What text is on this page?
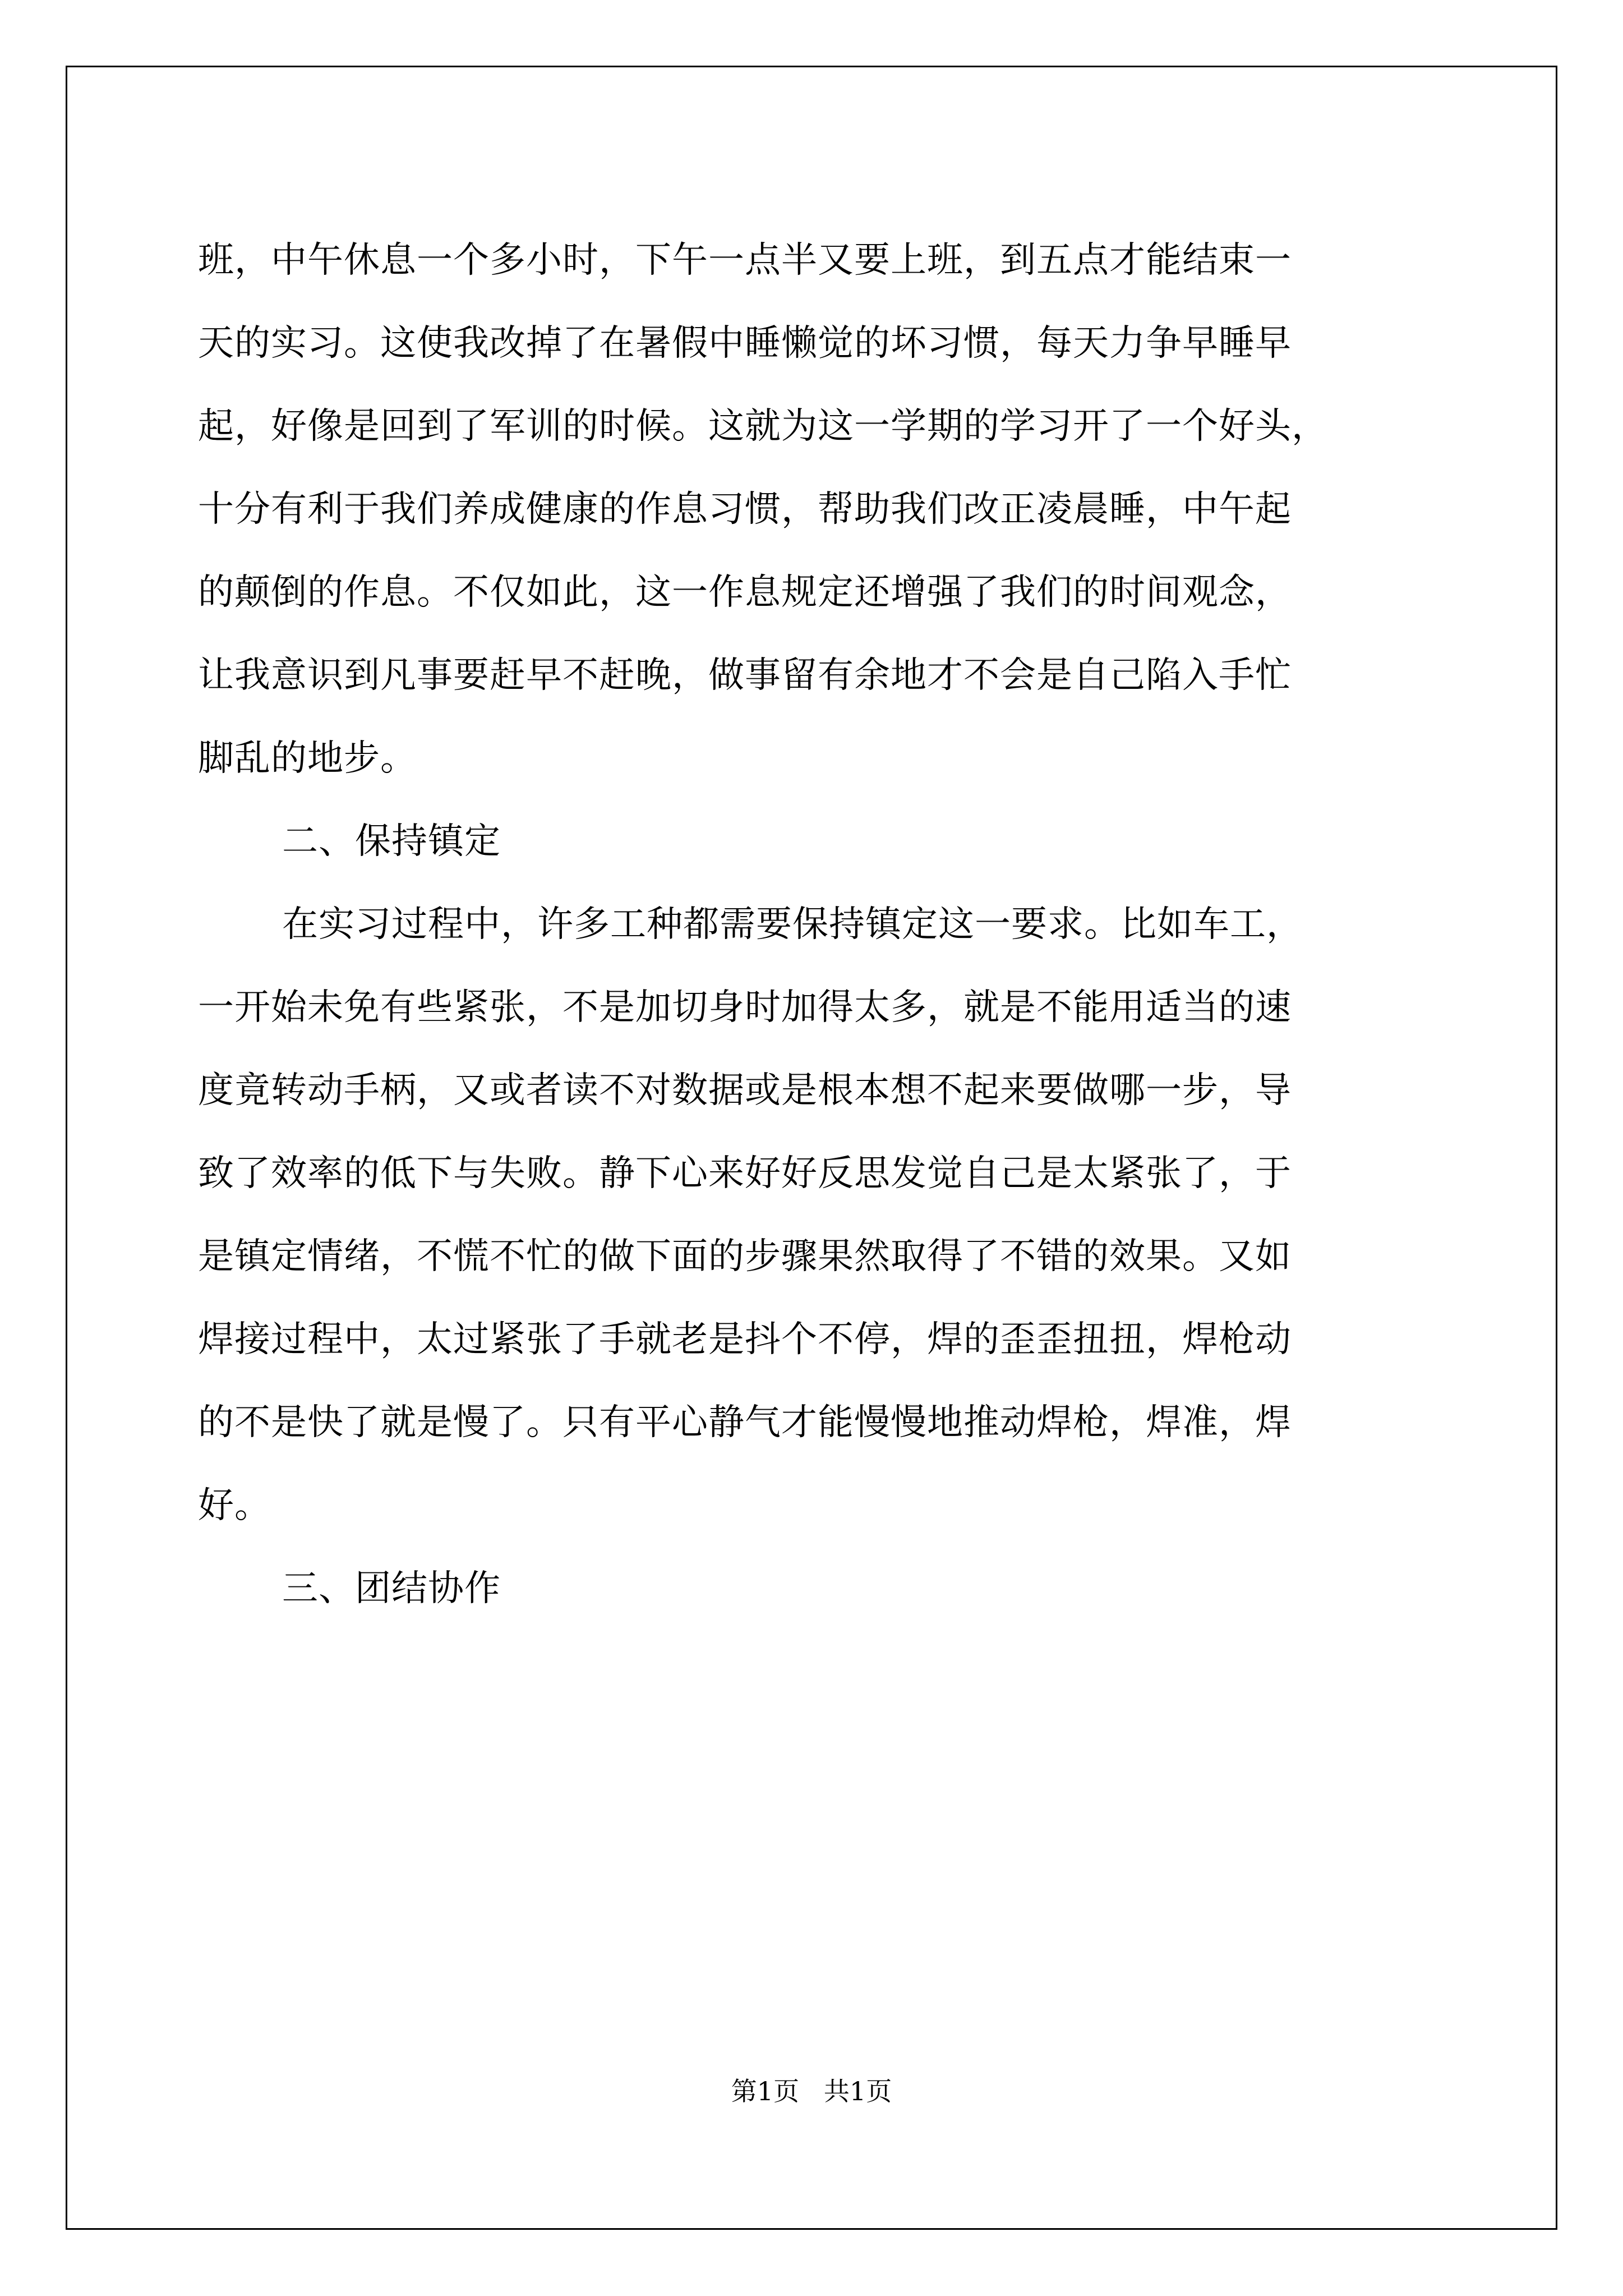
班，中午休息一个多小时，下午一点半又要上班，到五点才能结束一
天的实习。这使我改掉了在暑假中睡懒觉的坏习惯，每天力争早睡早
起，好像是回到了军训的时候。这就为这一学期的学习开了一个好头，
十分有利于我们养成健康的作息习惯，帮助我们改正凌晨睡，中午起
的颠倒的作息。不仅如此，这一作息规定还增强了我们的时间观念，
让我意识到凡事要赶早不赶晚，做事留有余地才不会是自己陷入手忙
脚乱的地步。
二、保持镇定
在实习过程中，许多工种都需要保持镇定这一要求。比如车工，
一开始未免有些紧张，不是加切身时加得太多，就是不能用适当的速
度竟转动手柄，又或者读不对数据或是根本想不起来要做哪一步，导
致了效率的低下与失败。静下心来好好反思发觉自己是太紧张了，于
是镇定情绪，不慌不忙的做下面的步骤果然取得了不错的效果。又如
焊接过程中，太过紧张了手就老是抖个不停，焊的歪歪扭扭，焊枪动
的不是快了就是慢了。只有平心静气才能慢慢地推动焊枪，焊准，焊
好。
三、团结协作
第1页   共1页
